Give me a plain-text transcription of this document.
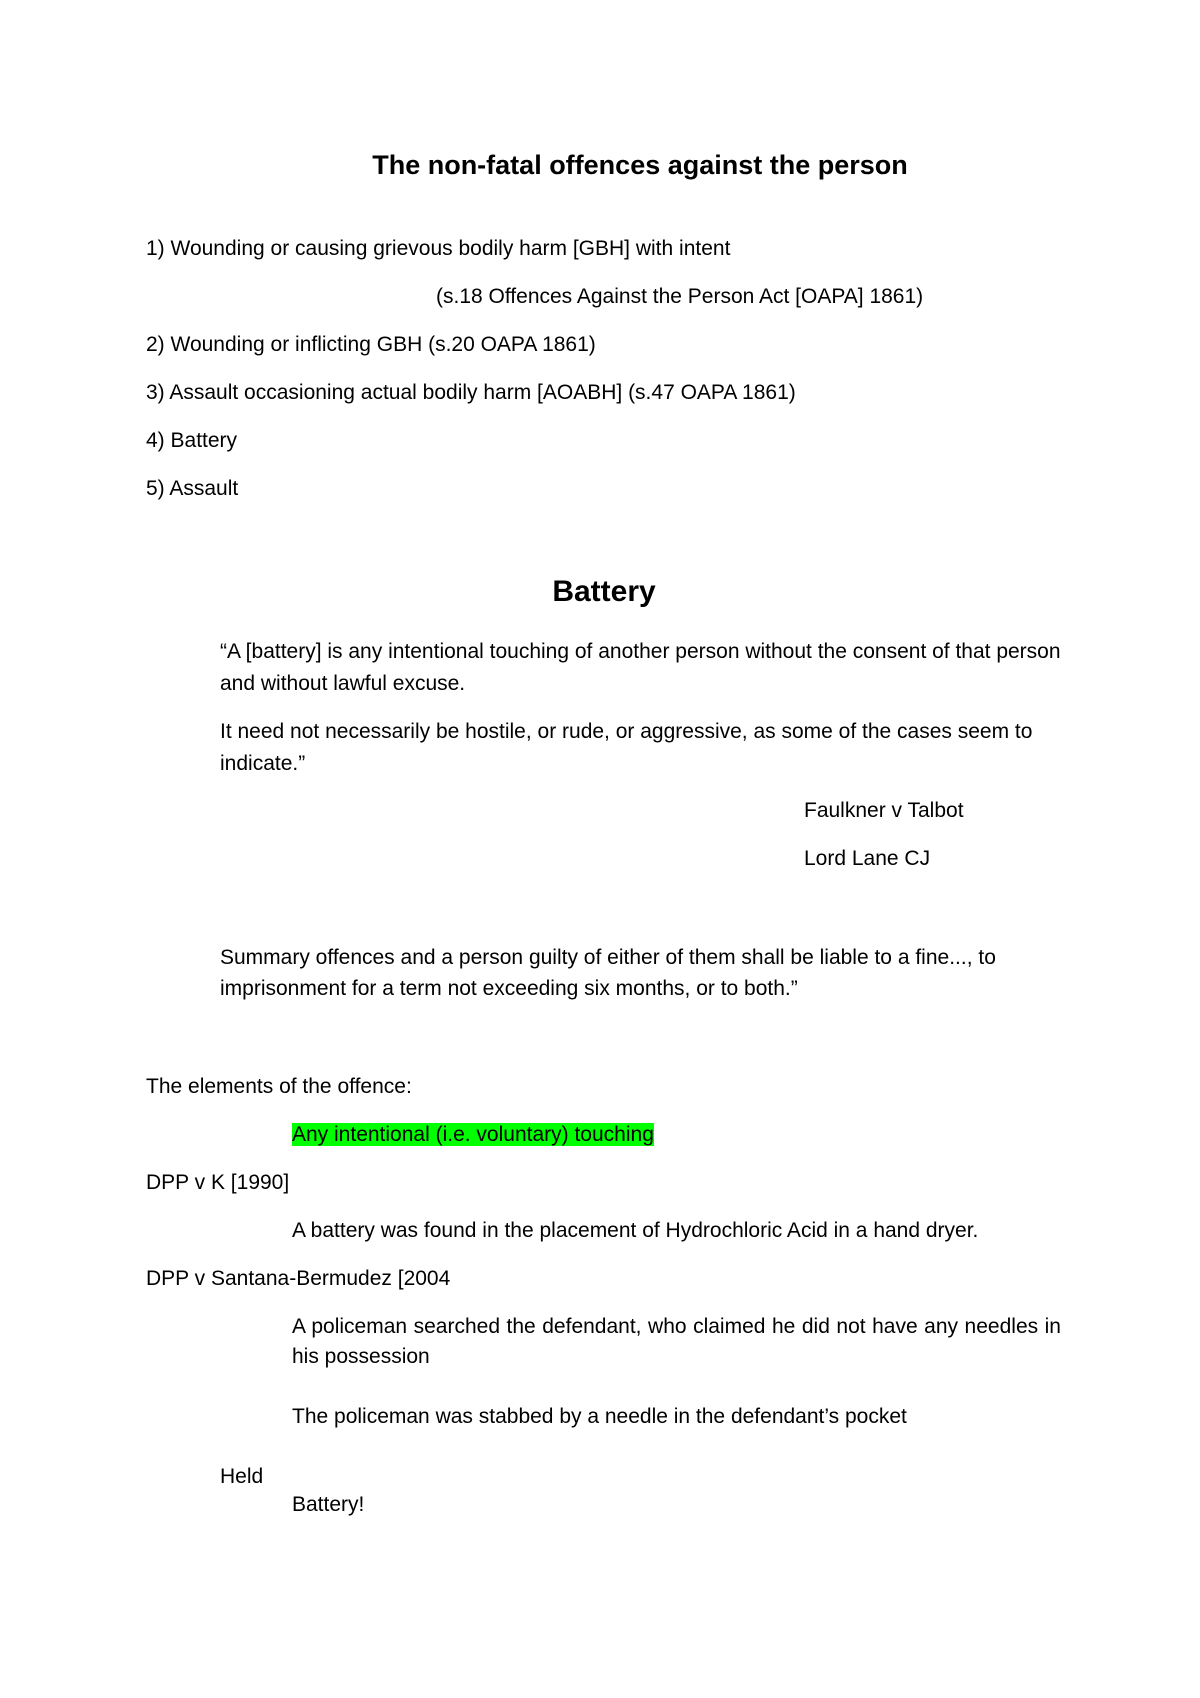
The non-fatal offences against the person

1) Wounding or causing grievous bodily harm [GBH] with intent

(s.18 Offences Against the Person Act [OAPA] 1861)

2) Wounding or inflicting GBH (s.20 OAPA 1861)

3) Assault occasioning actual bodily harm [AOABH] (s.47 OAPA 1861)

4) Battery

5) Assault

Battery

“A [battery] is any intentional touching of another person without the consent of that person and without lawful excuse.

It need not necessarily be hostile, or rude, or aggressive, as some of the cases seem to indicate.”

Faulkner v Talbot

Lord Lane CJ

Summary offences and a person guilty of either of them shall be liable to a fine..., to imprisonment for a term not exceeding six months, or to both.”

The elements of the offence:

Any intentional (i.e. voluntary) touching

DPP v K [1990]

A battery was found in the placement of Hydrochloric Acid in a hand dryer.

DPP v Santana-Bermudez [2004

A policeman searched the defendant, who claimed he did not have any needles in his possession

The policeman was stabbed by a needle in the defendant’s pocket

Held

Battery!
